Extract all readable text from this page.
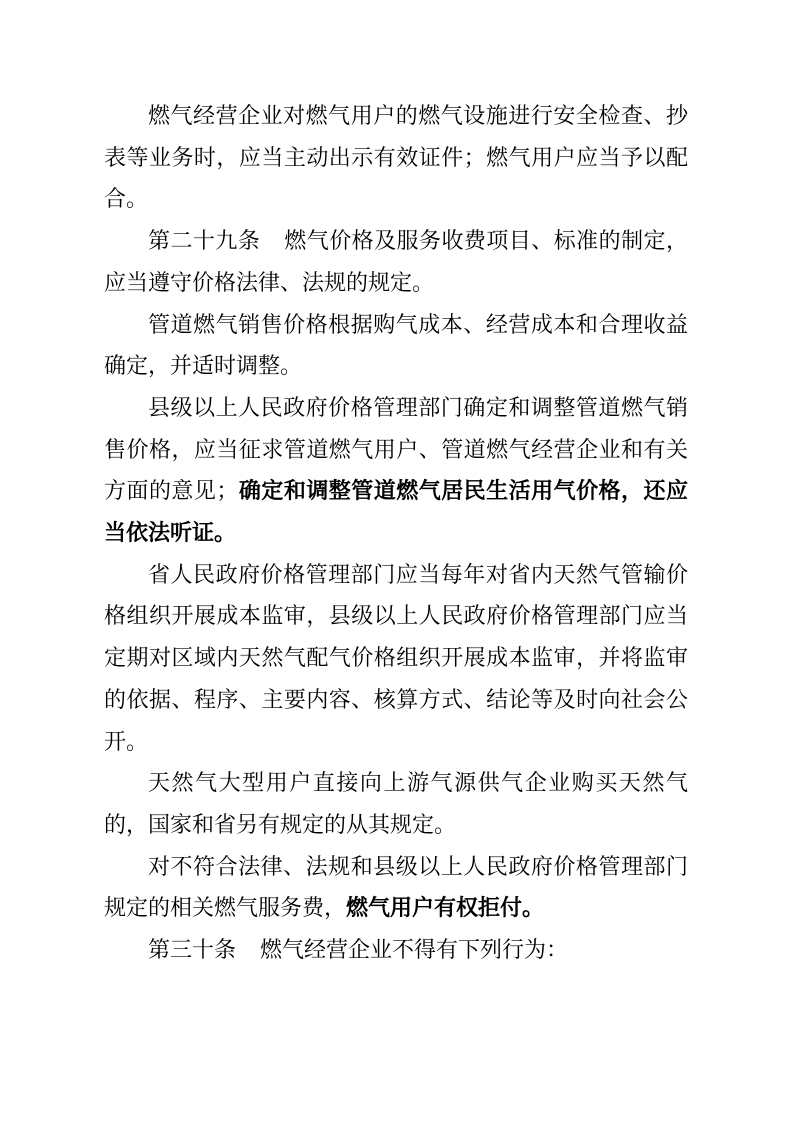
燃气经营企业对燃气用户的燃气设施进行安全检查、抄表等业务时，应当主动出示有效证件；燃气用户应当予以配合。

第二十九条 燃气价格及服务收费项目、标准的制定，应当遵守价格法律、法规的规定。

管道燃气销售价格根据购气成本、经营成本和合理收益确定，并适时调整。

县级以上人民政府价格管理部门确定和调整管道燃气销售价格，应当征求管道燃气用户、管道燃气经营企业和有关方面的意见；确定和调整管道燃气居民生活用气价格，还应当依法听证。

省人民政府价格管理部门应当每年对省内天然气管输价格组织开展成本监审，县级以上人民政府价格管理部门应当定期对区域内天然气配气价格组织开展成本监审，并将监审的依据、程序、主要内容、核算方式、结论等及时向社会公开。

天然气大型用户直接向上游气源供气企业购买天然气的，国家和省另有规定的从其规定。

对不符合法律、法规和县级以上人民政府价格管理部门规定的相关燃气服务费，燃气用户有权拒付。

第三十条 燃气经营企业不得有下列行为：
